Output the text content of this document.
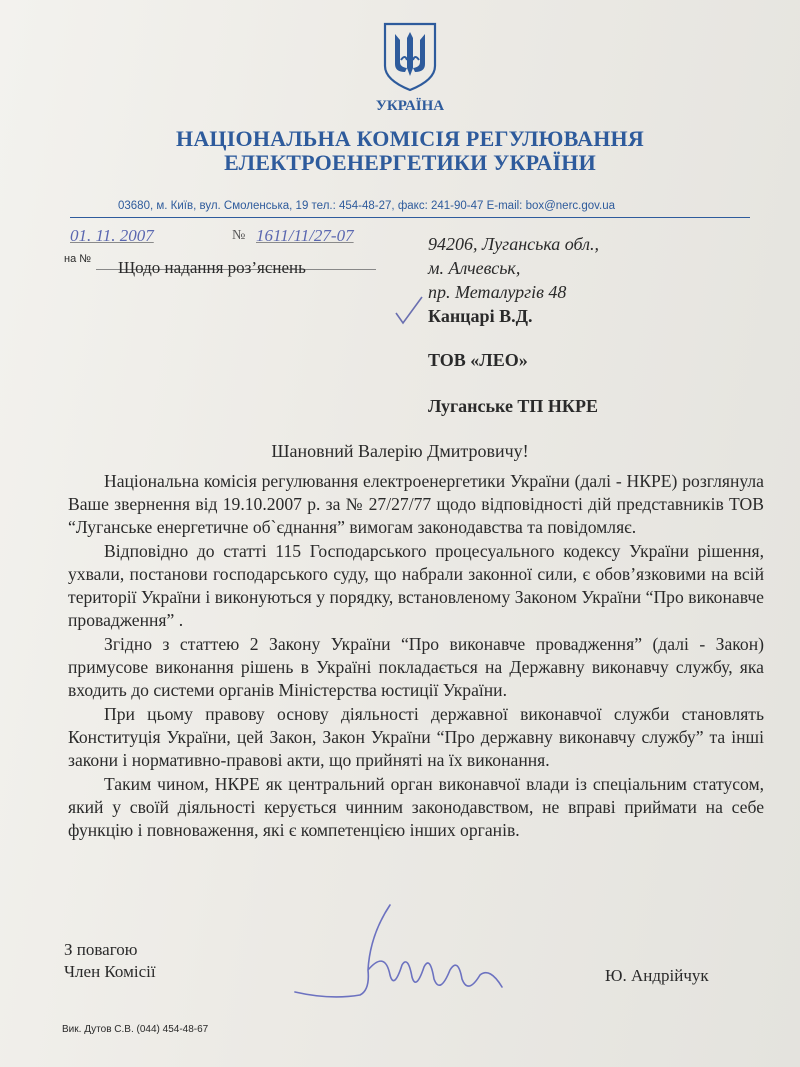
УКРАЇНА
НАЦІОНАЛЬНА КОМІСІЯ РЕГУЛЮВАННЯ
ЕЛЕКТРОЕНЕРГЕТИКИ УКРАЇНИ
03680, м. Київ, вул. Смоленська, 19 тел.: 454-48-27, факс: 241-90-47 E-mail: box@nerc.gov.ua
01. 11. 2007	№ 1611/11/27-07
на № Щодо надання роз’яснень
94206, Луганська обл.,
м. Алчевськ,
пр. Металургів 48
Канцарі В.Д.
ТОВ «ЛЕО»
Луганське ТП НКРЕ
Шановний Валерію Дмитровичу!

Національна комісія регулювання електроенергетики України (далі - НКРЕ) розглянула Ваше звернення від 19.10.2007 р. за № 27/27/77 щодо відповідності дій представників ТОВ “Луганське енергетичне об`єднання” вимогам законодавства та повідомляє.

Відповідно до статті 115 Господарського процесуального кодексу України рішення, ухвали, постанови господарського суду, що набрали законної сили, є обов’язковими на всій території України і виконуються у порядку, встановленому Законом України “Про виконавче провадження” .

Згідно з статтею 2 Закону України “Про виконавче провадження” (далі - Закон) примусове виконання рішень в Україні покладається на Державну виконавчу службу, яка входить до системи органів Міністерства юстиції України.

При цьому правову основу діяльності державної виконавчої служби становлять Конституція України, цей Закон, Закон України “Про державну виконавчу службу” та інші закони і нормативно-правові акти, що прийняті на їх виконання.

Таким чином, НКРЕ як центральний орган виконавчої влади із спеціальним статусом, який у своїй діяльності керується чинним законодавством, не вправі приймати на себе функцію і повноваження, які є компетенцією інших органів.

З повагою
Член Комісії	Ю. Андрійчук
Вик. Дутов С.В. (044) 454-48-67
